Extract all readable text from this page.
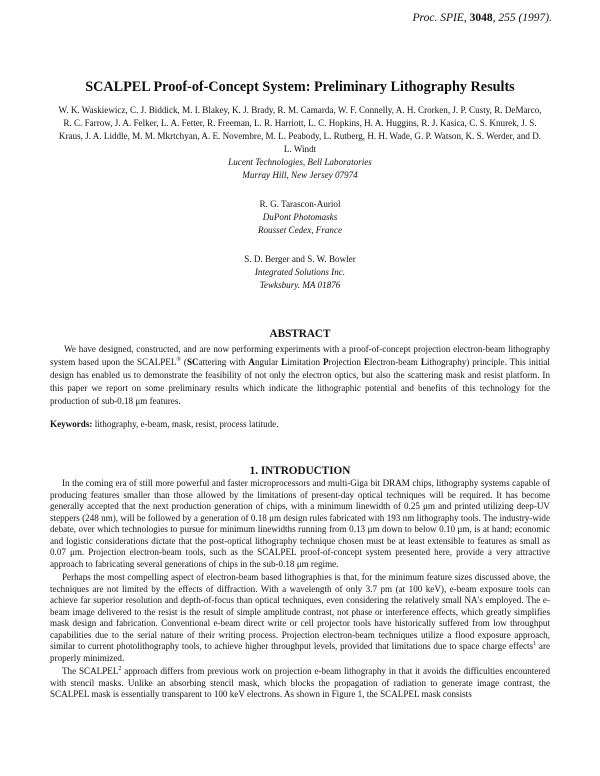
Proc. SPIE, 3048, 255 (1997).
SCALPEL Proof-of-Concept System: Preliminary Lithography Results
W. K. Waskiewicz, C. J. Biddick, M. I. Blakey, K. J. Brady, R. M. Camarda, W. F. Connelly, A. H. Crorken, J. P. Custy, R. DeMarco, R. C. Farrow, J. A. Felker, L. A. Fetter, R. Freeman, L. R. Harriott, L. C. Hopkins, H. A. Huggins, R. J. Kasica, C. S. Knurek, J. S. Kraus, J. A. Liddle, M. M. Mkrtchyan, A. E. Novembre, M. L. Peabody, L. Rutberg, H. H. Wade, G. P. Watson, K. S. Werder, and D. L. Windt
Lucent Technologies, Bell Laboratories
Murray Hill, New Jersey 07974
R. G. Tarascon-Auriol
DuPont Photomasks
Rousset Cedex, France
S. D. Berger and S. W. Bowler
Integrated Solutions Inc.
Tewksbury. MA 01876
ABSTRACT

We have designed, constructed, and are now performing experiments with a proof-of-concept projection electron-beam lithography system based upon the SCALPEL® (SCattering with Angular Limitation Projection Electron-beam Lithography) principle. This initial design has enabled us to demonstrate the feasibility of not only the electron optics, but also the scattering mask and resist platform. In this paper we report on some preliminary results which indicate the lithographic potential and benefits of this technology for the production of sub-0.18 μm features.

Keywords: lithography, e-beam, mask, resist, process latitude.

1. INTRODUCTION

In the coming era of still more powerful and faster microprocessors and multi-Giga bit DRAM chips, lithography systems capable of producing features smaller than those allowed by the limitations of present-day optical techniques will be required. It has become generally accepted that the next production generation of chips, with a minimum linewidth of 0.25 μm and printed utilizing deep-UV steppers (248 nm), will be followed by a generation of 0.18 μm design rules fabricated with 193 nm lithography tools. The industry-wide debate, over which technologies to pursue for minimum linewidths running from 0.13 μm down to below 0.10 μm, is at hand; economic and logistic considerations dictate that the post-optical lithography technique chosen must be at least extensible to features as small as 0.07 μm. Projection electron-beam tools, such as the SCALPEL proof-of-concept system presented here, provide a very attractive approach to fabricating several generations of chips in the sub-0.18 μm regime.

Perhaps the most compelling aspect of electron-beam based lithographies is that, for the minimum feature sizes discussed above, the techniques are not limited by the effects of diffraction. With a wavelength of only 3.7 pm (at 100 keV), e-beam exposure tools can achieve far superior resolution and depth-of-focus than optical techniques, even considering the relatively small NA's employed. The e-beam image delivered to the resist is the result of simple amplitude contrast, not phase or interference effects, which greatly simplifies mask design and fabrication. Conventional e-beam direct write or cell projector tools have historically suffered from low throughput capabilities due to the serial nature of their writing process. Projection electron-beam techniques utilize a flood exposure approach, similar to current photolithography tools, to achieve higher throughput levels, provided that limitations due to space charge effects$^1$ are properly minimized.

The SCALPEL$^2$ approach differs from previous work on projection e-beam lithography in that it avoids the difficulties encountered with stencil masks. Unlike an absorbing stencil mask, which blocks the propagation of radiation to generate image contrast, the SCALPEL mask is essentially transparent to 100 keV electrons. As shown in Figure 1, the SCALPEL mask consists
